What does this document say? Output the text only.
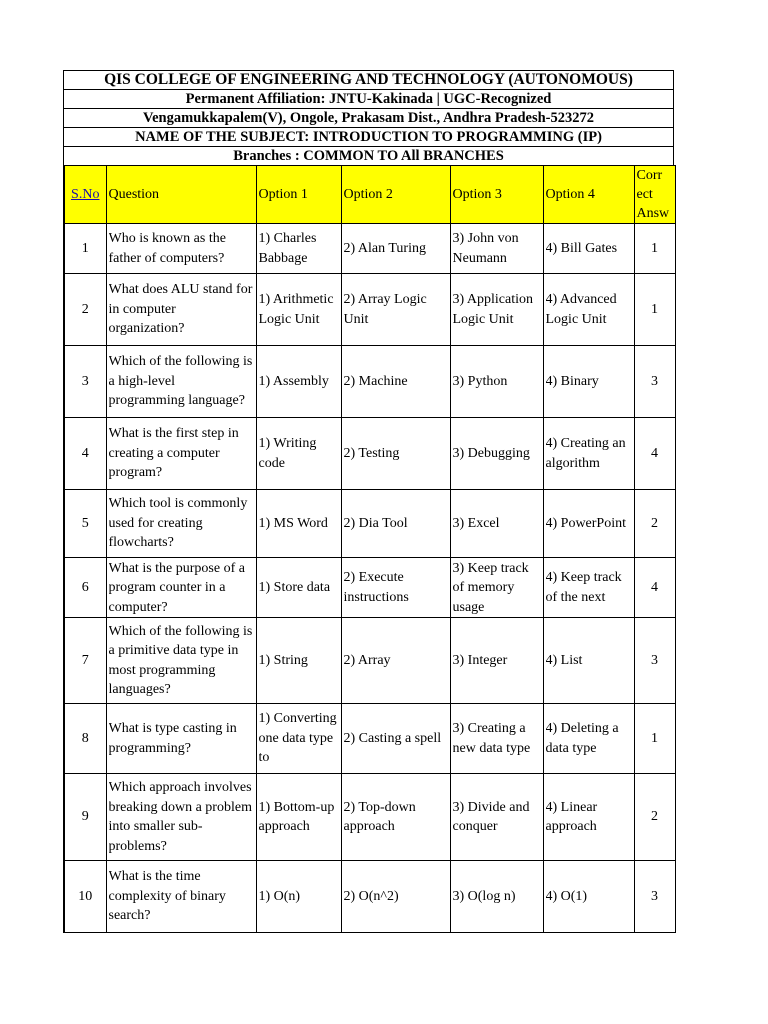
QIS COLLEGE OF ENGINEERING AND TECHNOLOGY (AUTONOMOUS)
Permanent Affiliation: JNTU-Kakinada | UGC-Recognized
Vengamukkapalem(V), Ongole, Prakasam Dist., Andhra Pradesh-523272
NAME OF THE SUBJECT: INTRODUCTION TO PROGRAMMING (IP)
Branches : COMMON TO All BRANCHES
S.No	Question	Option 1	Option 2	Option 3	Option 4	Corr ect Answ

1	Who is known as the father of computers?	1) Charles Babbage	2) Alan Turing	3) John von Neumann	4) Bill Gates	1

2	What does ALU stand for in computer organization?	1) Arithmetic Logic Unit	2) Array Logic Unit	3) Application Logic Unit	4) Advanced Logic Unit	1

3	Which of the following is a high-level programming language?	1) Assembly	2) Machine	3) Python	4) Binary	3

4	What is the first step in creating a computer program?	1) Writing code	2) Testing	3) Debugging	4) Creating an algorithm	4

5	Which tool is commonly used for creating flowcharts?	1) MS Word	2) Dia Tool	3) Excel	4) PowerPoint	2

6	What is the purpose of a program counter in a computer?	1) Store data	2) Execute instructions	3) Keep track of memory usage	4) Keep track of the next	4

7	Which of the following is a primitive data type in most programming languages?	1) String	2) Array	3) Integer	4) List	3

8	What is type casting in programming?	1) Converting one data type to	2) Casting a spell	3) Creating a new data type	4) Deleting a data type	1

9	Which approach involves breaking down a problem into smaller sub-problems?	1) Bottom-up approach	2) Top-down approach	3) Divide and conquer	4) Linear approach	2

10	What is the time complexity of binary search?	1) O(n)	2) O(n^2)	3) O(log n)	4) O(1)	3
